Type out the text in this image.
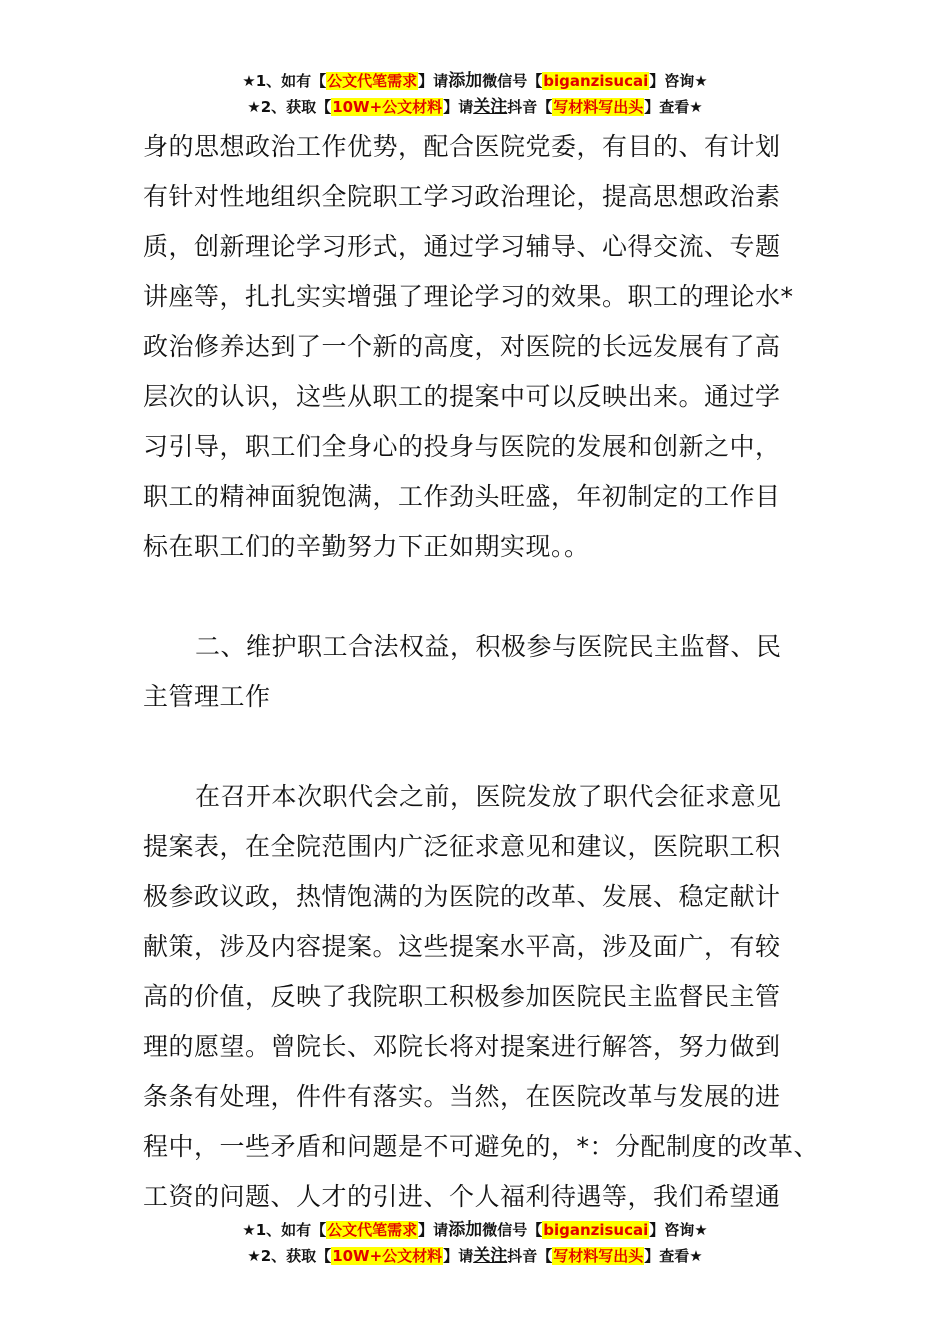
★1、如有【公文代笔需求】请添加微信号【biganzisucai】咨询★
★2、获取【10W+公文材料】请关注抖音【写材料写出头】查看★
身的思想政治工作优势，配合医院党委，有目的、有计划
有针对性地组织全院职工学习政治理论，提高思想政治素
质，创新理论学习形式，通过学习辅导、心得交流、专题
讲座等，扎扎实实增强了理论学习的效果。职工的理论水*
政治修养达到了一个新的高度，对医院的长远发展有了高
层次的认识，这些从职工的提案中可以反映出来。通过学
习引导，职工们全身心的投身与医院的发展和创新之中，
职工的精神面貌饱满，工作劲头旺盛，年初制定的工作目
标在职工们的辛勤努力下正如期实现。。
二、维护职工合法权益，积极参与医院民主监督、民
主管理工作
在召开本次职代会之前，医院发放了职代会征求意见
提案表，在全院范围内广泛征求意见和建议，医院职工积
极参政议政，热情饱满的为医院的改革、发展、稳定献计
献策，涉及内容提案。这些提案水平高，涉及面广，有较
高的价值，反映了我院职工积极参加医院民主监督民主管
理的愿望。曾院长、邓院长将对提案进行解答，努力做到
条条有处理，件件有落实。当然，在医院改革与发展的进
程中，一些矛盾和问题是不可避免的，*：分配制度的改革、
工资的问题、人才的引进、个人福利待遇等，我们希望通
★1、如有【公文代笔需求】请添加微信号【biganzisucai】咨询★
★2、获取【10W+公文材料】请关注抖音【写材料写出头】查看★
